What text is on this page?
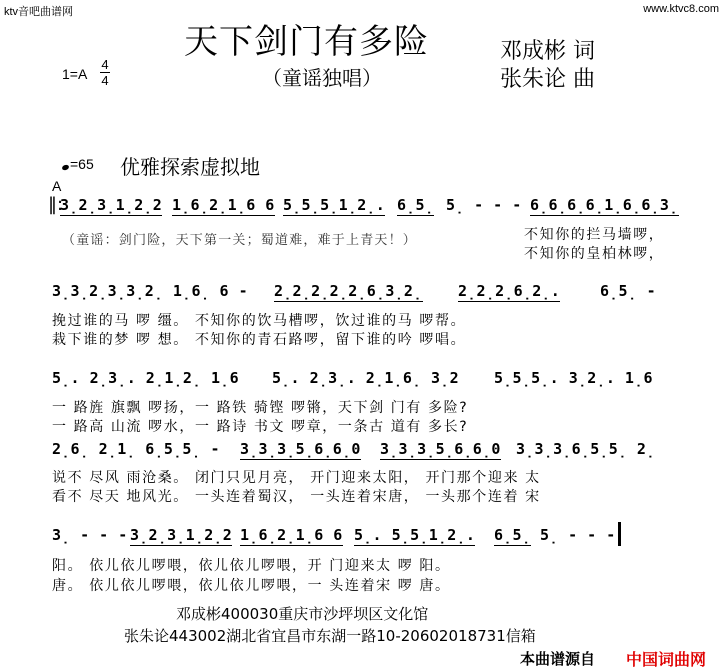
ktv音吧曲谱网	www.ktvc8.com
天下剑门有多险
（童谣独唱）
邓成彬 词
张朱论 曲
1=A
4
4
=65 优雅探索虚拟地
A
‖:
3̣2̣3̣1̣2̣2 1̣6̣2̣1̣6 6 5̣5̣5̣1̣2̣. 6̣5̣ 5̣ - - - 6̣6̣6̣6̣1̣6̣6̣3̣
（童谣：剑门险，天下第一关；蜀道难，难于上青天！）	不知你的拦马墙啰，
不知你的皇柏林啰，
3̣3̣2̣3̣3̣2̣ 1̣6̣ 6 - 2̣2̣2̣2̣2̣6̣3̣2̣ 2̣2̣2̣6̣2̣.	6̣5̣ -
挽过谁的马 啰 缰。 不知你的饮马槽啰，饮过谁的马 啰帮。
栽下谁的梦 啰 想。 不知你的青石路啰，留下谁的吟 啰唱。
5̣. 2̣3̣. 2̣1̣2̣ 1̣6 5̣. 2̣3̣. 2̣1̣6̣ 3̣2 5̣5̣5̣. 3̣2̣. 1̣6
一 路旌 旗飘 啰扬，一 路铁 骑铿 啰锵，天下剑 门有 多险?
一 路高 山流 啰水，一 路诗 书文 啰章，一条古 道有 多长?
2̣6̣ 2̣1̣ 6̣5̣5̣ - 3̣3̣3̣5̣6̣6̣0 3̣3̣3̣5̣6̣6̣0 3̣3̣3̣6̣5̣5̣ 2̣
说不 尽风 雨沧桑。 闭门只见月亮， 开门迎来太阳， 开门那个迎来 太
看不 尽天 地风光。 一头连着蜀汉， 一头连着宋唐， 一头那个连着 宋
3̣ - - - 3̣2̣3̣1̣2̣2 1̣6̣2̣1̣6 6 5̣. 5̣5̣1̣2̣. 6̣5̣ 5̣ - - -
阳。 依儿依儿啰喂，依儿依儿啰喂，开 门迎来太 啰 阳。
唐。 依儿依儿啰喂，依儿依儿啰喂，一 头连着宋 啰 唐。
邓成彬400030重庆市沙坪坝区文化馆
张朱论443002湖北省宜昌市东湖一路10-20602018731信箱
本曲谱源自 中国词曲网
